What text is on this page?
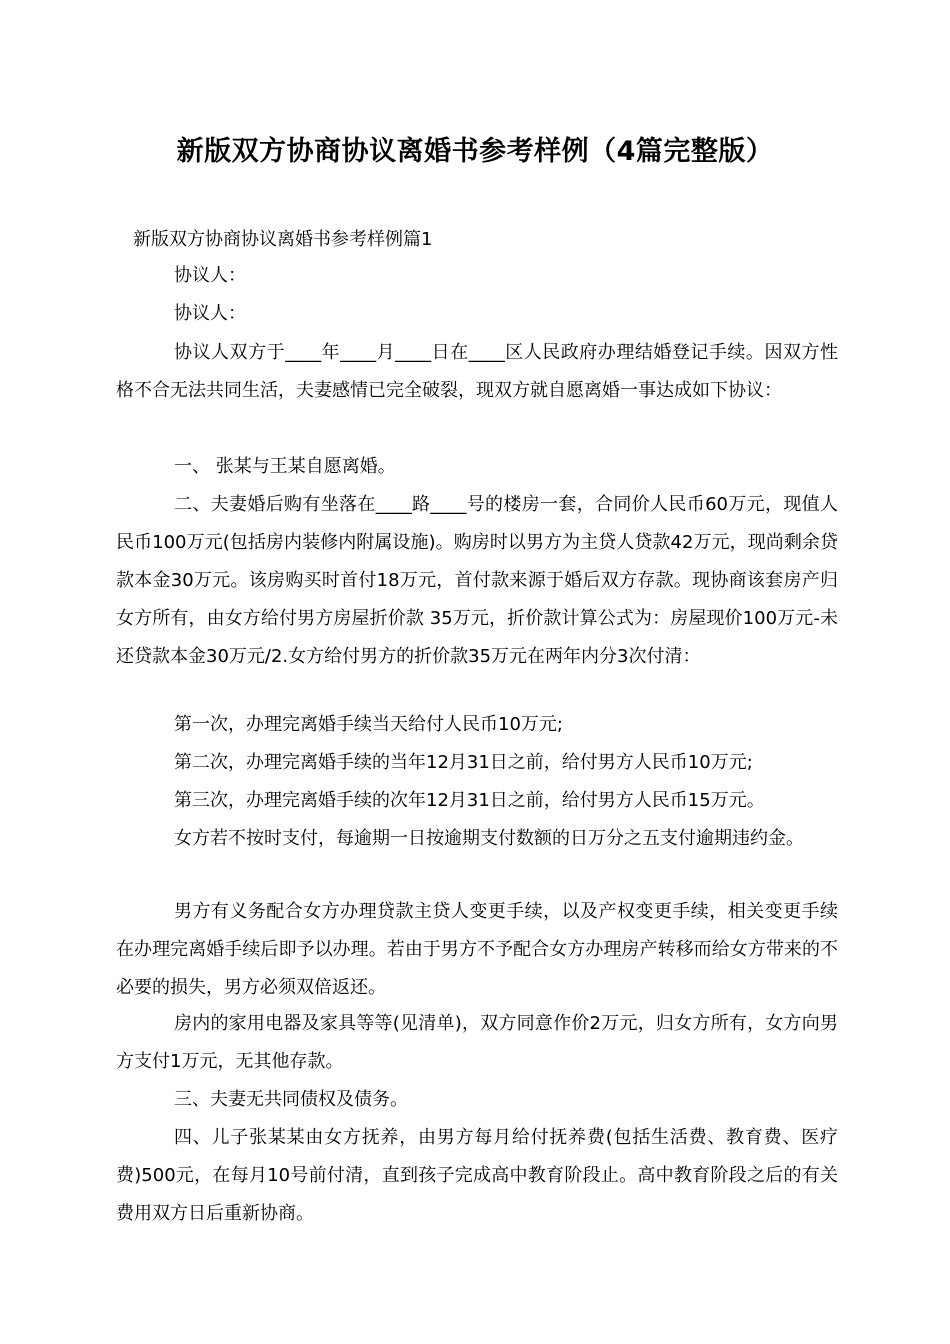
新版双方协商协议离婚书参考样例（4篇完整版）
新版双方协商协议离婚书参考样例篇1
协议人：
协议人：
协议人双方于____年____月____日在____区人民政府办理结婚登记手续。因双方性格不合无法共同生活，夫妻感情已完全破裂，现双方就自愿离婚一事达成如下协议：
一、 张某与王某自愿离婚。
二、夫妻婚后购有坐落在____路____号的楼房一套，合同价人民币60万元，现值人民币100万元(包括房内装修内附属设施)。购房时以男方为主贷人贷款42万元，现尚剩余贷款本金30万元。该房购买时首付18万元，首付款来源于婚后双方存款。现协商该套房产归女方所有，由女方给付男方房屋折价款 35万元，折价款计算公式为：房屋现价100万元-未还贷款本金30万元/2.女方给付男方的折价款35万元在两年内分3次付清：
第一次，办理完离婚手续当天给付人民币10万元;
第二次，办理完离婚手续的当年12月31日之前，给付男方人民币10万元;
第三次，办理完离婚手续的次年12月31日之前，给付男方人民币15万元。
女方若不按时支付，每逾期一日按逾期支付数额的日万分之五支付逾期违约金。
男方有义务配合女方办理贷款主贷人变更手续，以及产权变更手续，相关变更手续在办理完离婚手续后即予以办理。若由于男方不予配合女方办理房产转移而给女方带来的不必要的损失，男方必须双倍返还。
房内的家用电器及家具等等(见清单)，双方同意作价2万元，归女方所有，女方向男方支付1万元，无其他存款。
三、夫妻无共同债权及债务。
四、儿子张某某由女方抚养，由男方每月给付抚养费(包括生活费、教育费、医疗费)500元，在每月10号前付清，直到孩子完成高中教育阶段止。高中教育阶段之后的有关费用双方日后重新协商。
